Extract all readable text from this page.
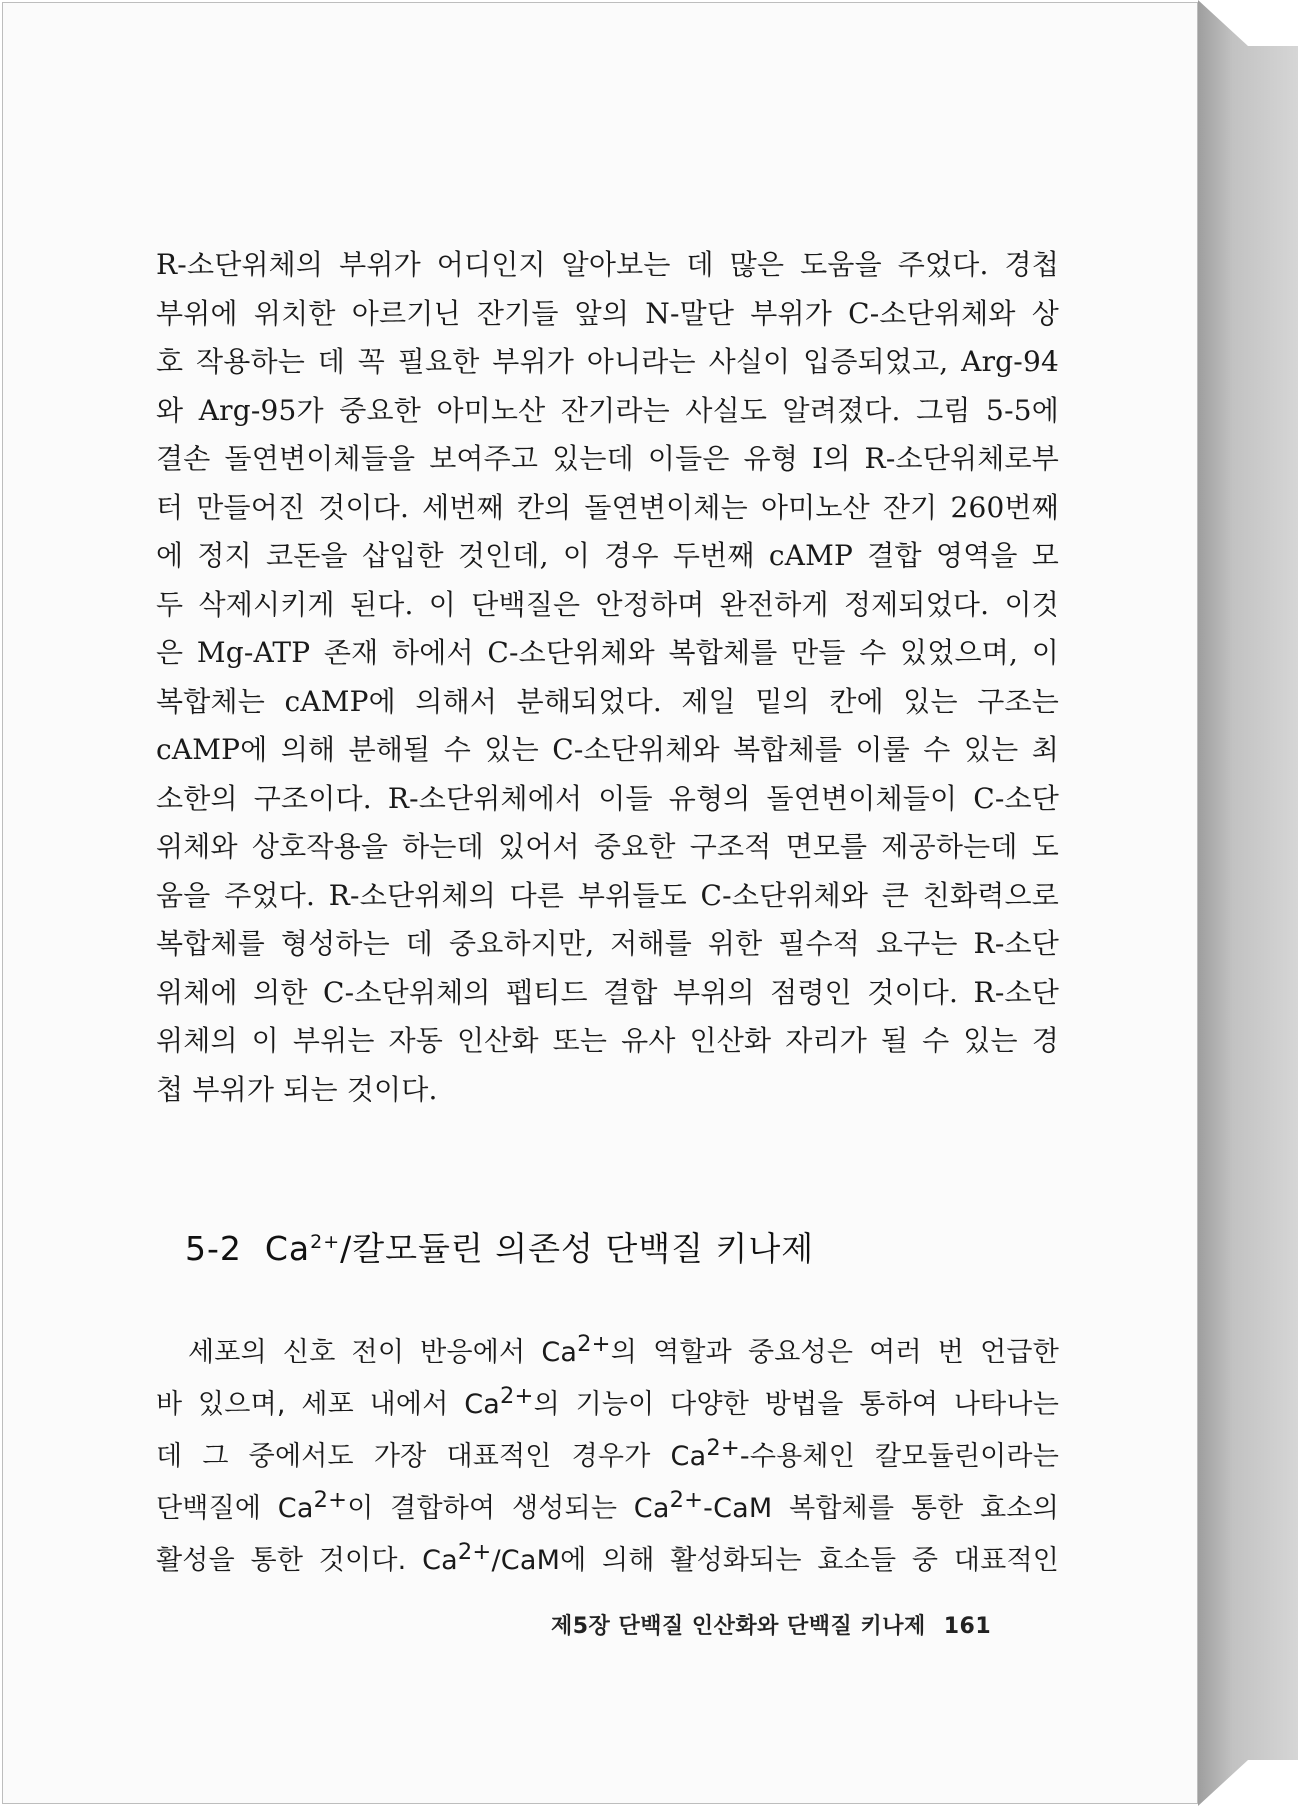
R-소단위체의 부위가 어디인지 알아보는 데 많은 도움을 주었다. 경첩
부위에 위치한 아르기닌 잔기들 앞의 N-말단 부위가 C-소단위체와 상
호 작용하는 데 꼭 필요한 부위가 아니라는 사실이 입증되었고, Arg-94
와 Arg-95가 중요한 아미노산 잔기라는 사실도 알려졌다. 그림 5-5에
결손 돌연변이체들을 보여주고 있는데 이들은 유형 I의 R-소단위체로부
터 만들어진 것이다. 세번째 칸의 돌연변이체는 아미노산 잔기 260번째
에 정지 코돈을 삽입한 것인데, 이 경우 두번째 cAMP 결합 영역을 모
두 삭제시키게 된다. 이 단백질은 안정하며 완전하게 정제되었다. 이것
은 Mg-ATP 존재 하에서 C-소단위체와 복합체를 만들 수 있었으며, 이
복합체는 cAMP에 의해서 분해되었다. 제일 밑의 칸에 있는 구조는
cAMP에 의해 분해될 수 있는 C-소단위체와 복합체를 이룰 수 있는 최
소한의 구조이다. R-소단위체에서 이들 유형의 돌연변이체들이 C-소단
위체와 상호작용을 하는데 있어서 중요한 구조적 면모를 제공하는데 도
움을 주었다. R-소단위체의 다른 부위들도 C-소단위체와 큰 친화력으로
복합체를 형성하는 데 중요하지만, 저해를 위한 필수적 요구는 R-소단
위체에 의한 C-소단위체의 펩티드 결합 부위의 점령인 것이다. R-소단
위체의 이 부위는 자동 인산화 또는 유사 인산화 자리가 될 수 있는 경
첩 부위가 되는 것이다.
5-2 $Ca^{2+}/$칼모듈린 의존성 단백질 키나제
세포의 신호 전이 반응에서 $Ca^{2+}$의 역할과 중요성은 여러 번 언급한
바 있으며, 세포 내에서 $Ca^{2+}$의 기능이 다양한 방법을 통하여 나타나는
데 그 중에서도 가장 대표적인 경우가 $Ca^{2+}-$수용체인 칼모듈린이라는
단백질에 $Ca^{2+}$이 결합하여 생성되는 $Ca^{2+}$-CaM 복합체를 통한 효소의
활성을 통한 것이다. $Ca^{2+}$/CaM에 의해 활성화되는 효소들 중 대표적인
제5장 단백질 인산화와 단백질 키나제 161
